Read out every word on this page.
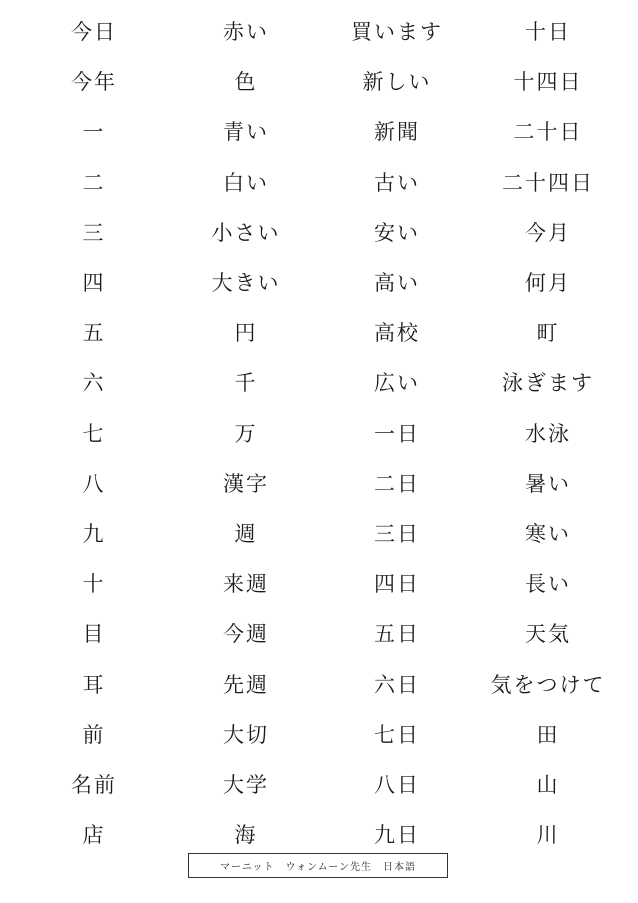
今日	赤い	買います	十日
今年	色	新しい	十四日
一	青い	新聞	二十日
二	白い	古い	二十四日
三	小さい	安い	今月
四	大きい	高い	何月
五	円	高校	町
六	千	広い	泳ぎます
七	万	一日	水泳
八	漢字	二日	暑い
九	週	三日	寒い
十	来週	四日	長い
目	今週	五日	天気
耳	先週	六日	気をつけて
前	大切	七日	田
名前	大学	八日	山
店	海	九日	川
マーニット　ウォンムーン先生　日本語
